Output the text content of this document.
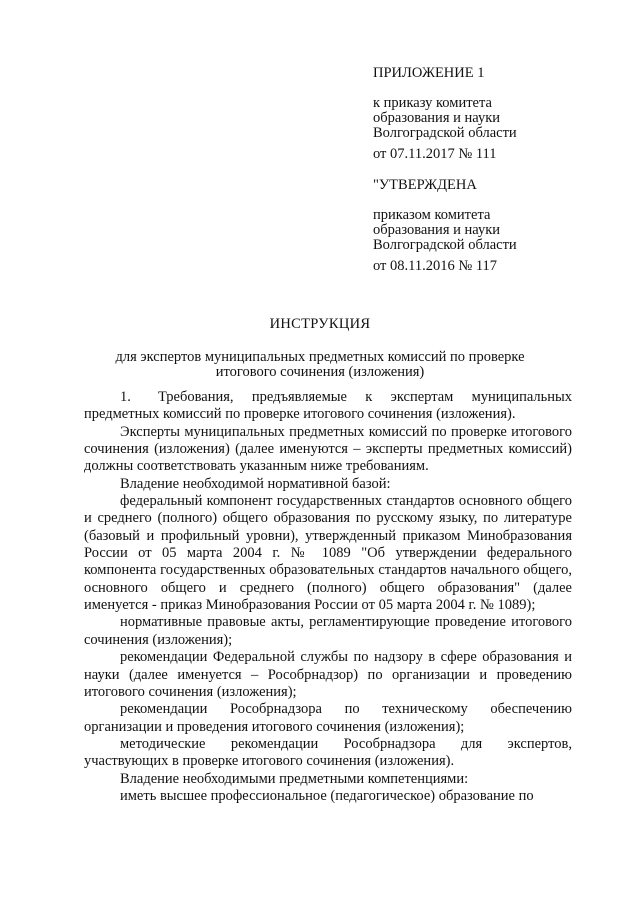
ПРИЛОЖЕНИЕ 1
к приказу комитета
образования и науки
Волгоградской области
от 07.11.2017 № 111
"УТВЕРЖДЕНА
приказом комитета
образования и науки
Волгоградской области
от 08.11.2016 № 117
ИНСТРУКЦИЯ
для экспертов муниципальных предметных комиссий по проверке
итогового сочинения (изложения)

1. Требования, предъявляемые к экспертам муниципальных предметных комиссий по проверке итогового сочинения (изложения).

Эксперты муниципальных предметных комиссий по проверке итогового сочинения (изложения) (далее именуются – эксперты предметных комиссий) должны соответствовать указанным ниже требованиям.

Владение необходимой нормативной базой:

федеральный компонент государственных стандартов основного общего и среднего (полного) общего образования по русскому языку, по литературе (базовый и профильный уровни), утвержденный приказом Минобразования России от 05 марта 2004 г. № 1089 "Об утверждении федерального компонента государственных образовательных стандартов начального общего, основного общего и среднего (полного) общего образования" (далее именуется - приказ Минобразования России от 05 марта 2004 г. № 1089);

нормативные правовые акты, регламентирующие проведение итогового сочинения (изложения);

рекомендации Федеральной службы по надзору в сфере образования и науки (далее именуется – Рособрнадзор) по организации и проведению итогового сочинения (изложения);

рекомендации Рособрнадзора по техническому обеспечению организации и проведения итогового сочинения (изложения);

методические рекомендации Рособрнадзора для экспертов, участвующих в проверке итогового сочинения (изложения).

Владение необходимыми предметными компетенциями:

иметь высшее профессиональное (педагогическое) образование по
